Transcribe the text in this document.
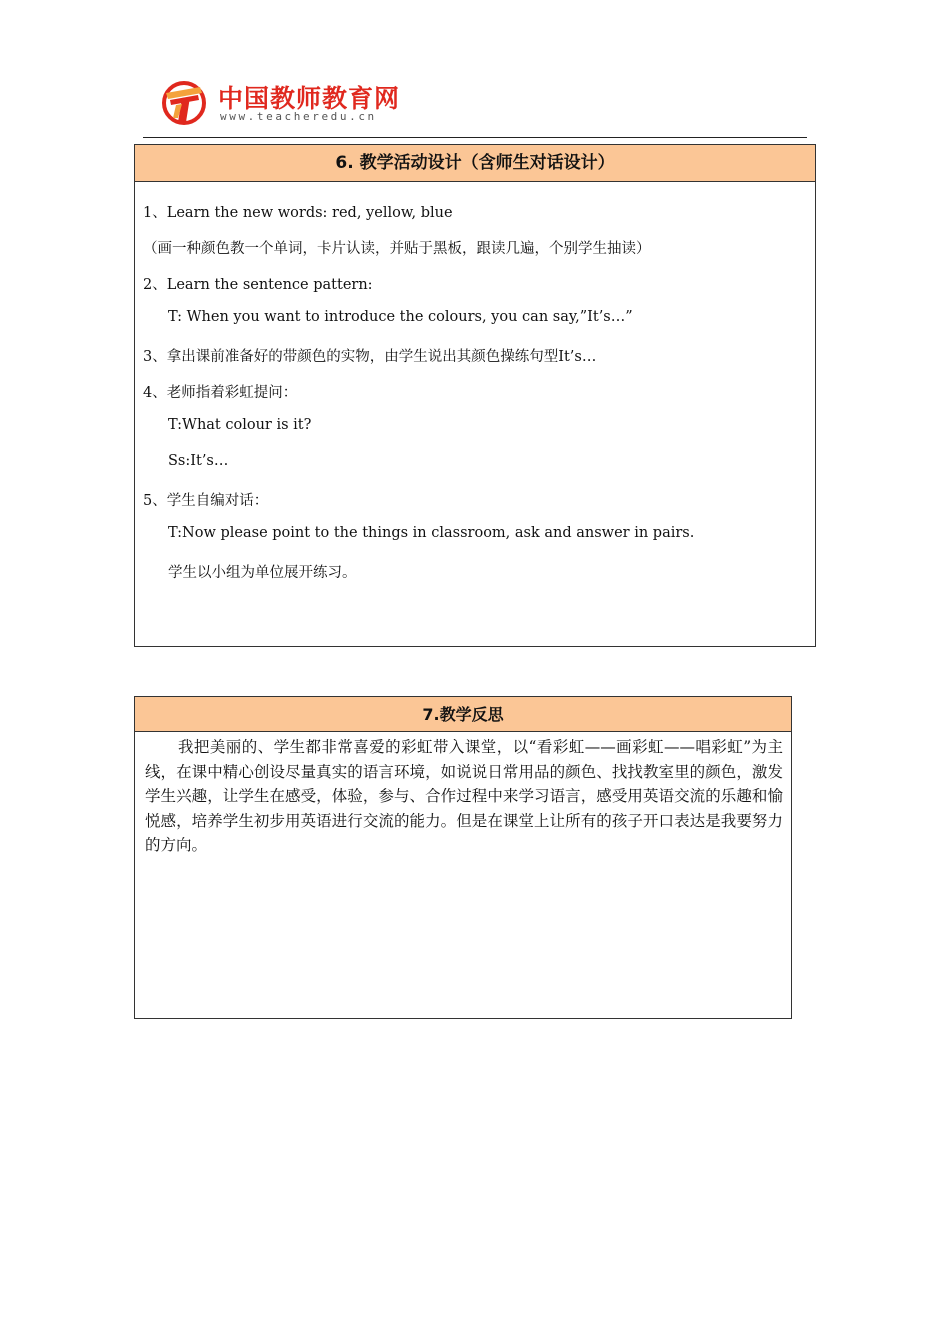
中国教师教育网
www.teacheredu.cn
6. 教学活动设计（含师生对话设计）
1、Learn the new words: red, yellow, blue
（画一种颜色教一个单词，卡片认读，并贴于黑板，跟读几遍，个别学生抽读）
2、Learn the sentence pattern:
T: When you want to introduce the colours, you can say,”It’s…”
3、拿出课前准备好的带颜色的实物，由学生说出其颜色操练句型It’s…
4、老师指着彩虹提问：
T:What colour is it?
Ss:It’s…
5、学生自编对话：
T:Now please point to the things in classroom, ask and answer in pairs.
学生以小组为单位展开练习。
7.教学反思
我把美丽的、学生都非常喜爱的彩虹带入课堂，以“看彩虹——画彩虹——唱彩虹”为主线，在课中精心创设尽量真实的语言环境，如说说日常用品的颜色、找找教室里的颜色，激发学生兴趣，让学生在感受，体验，参与、合作过程中来学习语言，感受用英语交流的乐趣和愉悦感，培养学生初步用英语进行交流的能力。但是在课堂上让所有的孩子开口表达是我要努力的方向。
